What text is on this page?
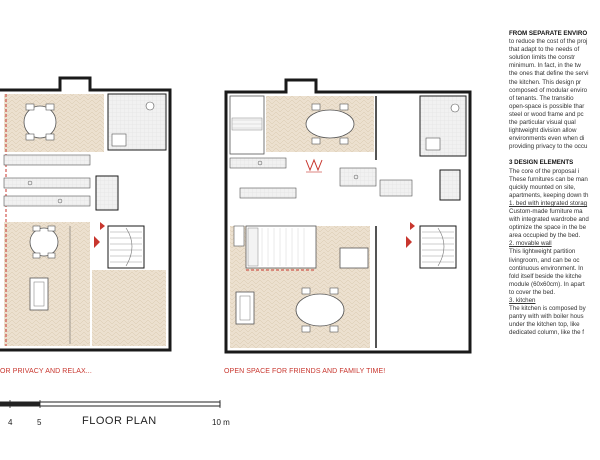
OR PRIVACY AND RELAX...	OPEN SPACE FOR FRIENDS AND FAMILY TIME!
4	5	10 m
FLOOR PLAN
FROM SEPARATE ENVIRO
to reduce the cost of the proj
that adapt to the needs of
solution limits the constr
minimum. In fact, in the tw
the ones that define the servi
the kitchen. This design pr
composed of modular enviro
of tenants. The transitio
open-space is possible thar
steel or wood frame and pc
the particular visual qual
lightweight division allow
environments even when di
providing privacy to the occu
3 DESIGN ELEMENTS
The core of the proposal i
These furnitures can be man
quickly mounted on site,
apartments, keeping down th
1. bed with integrated storag
Custom-made furniture ma
with integrated wardrobe and
optimize the space in the be
area occupied by the bed.
2. movable wall
This lightweight partition
livingroom, and can be oc
continuous environment. In
fold itself beside the kitche
module (60x60cm). In apart
to cover the bed.
3. kitchen
The kitchen is composed by
pantry with with boiler hous
under the kitchen top, like
dedicated column, like the f
